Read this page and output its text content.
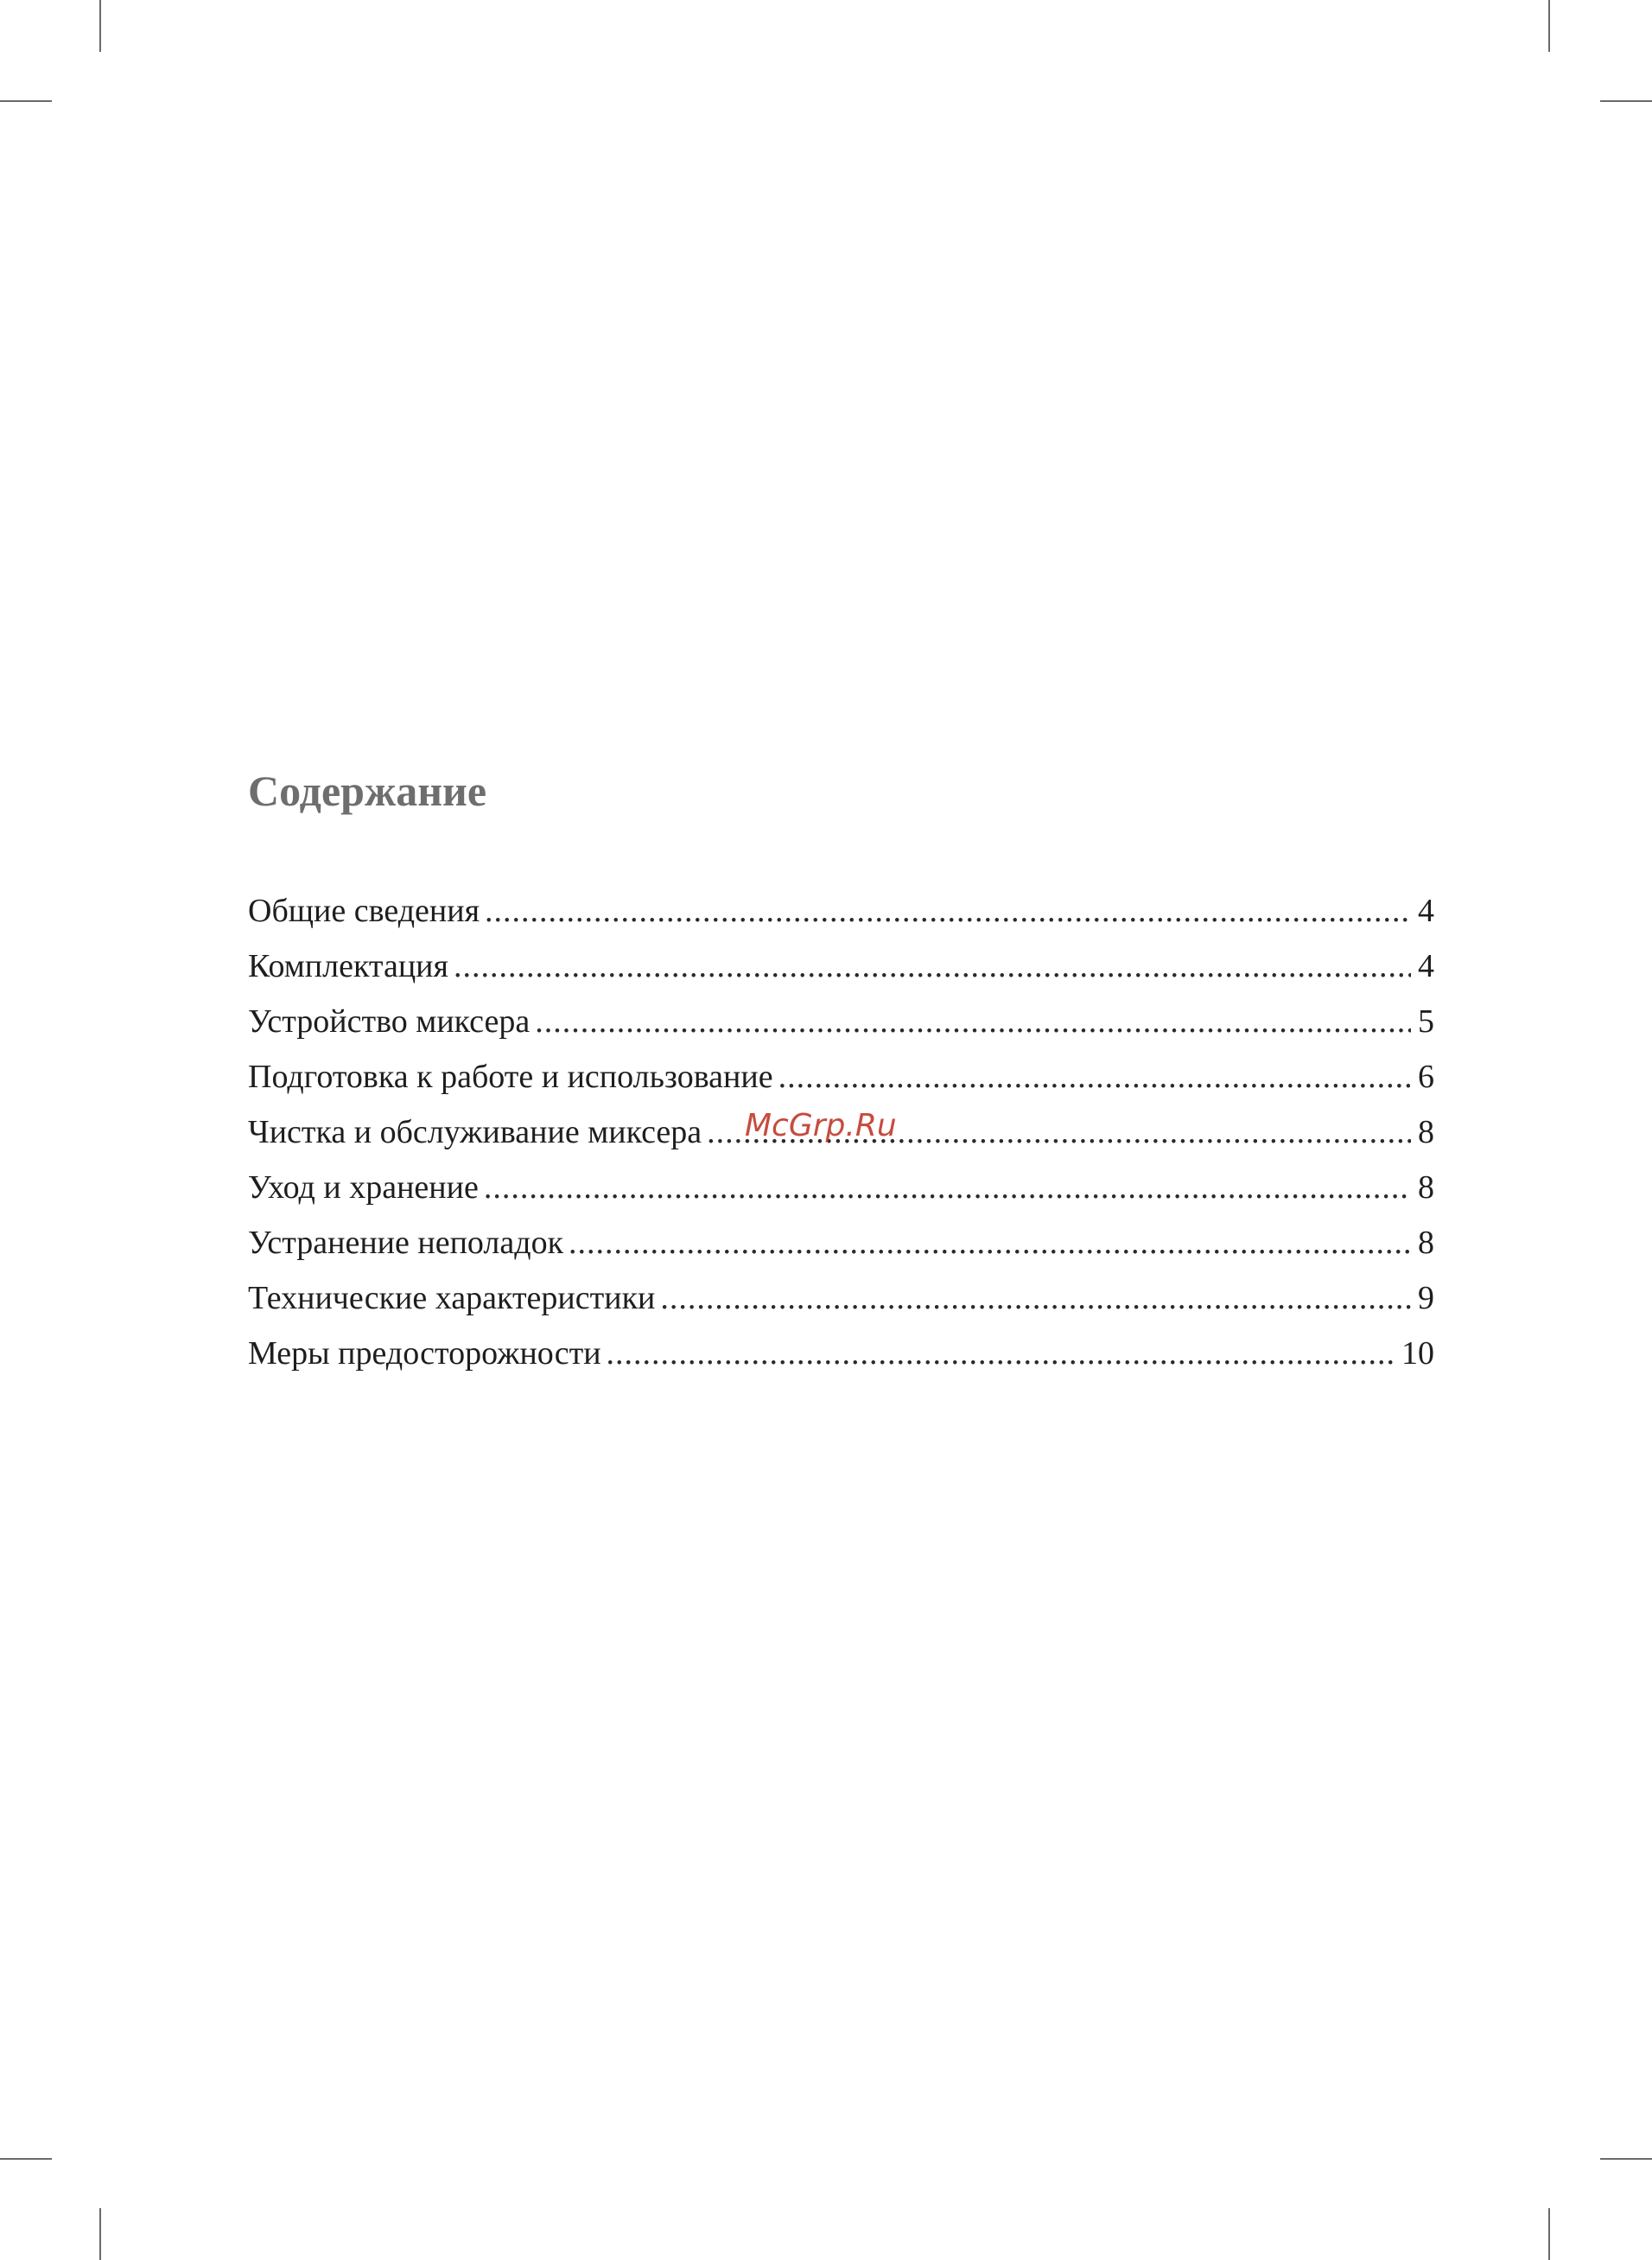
Содержание
Общие сведения .....	4
Комплектация .....	4
Устройство миксера .....	5
Подготовка к работе и использование .....	6
Чистка и обслуживание миксера .....	8
Уход и хранение .....	8
Устранение неполадок .....	8
Технические характеристики .....	9
Меры предосторожности .....	10
McGrp.Ru
